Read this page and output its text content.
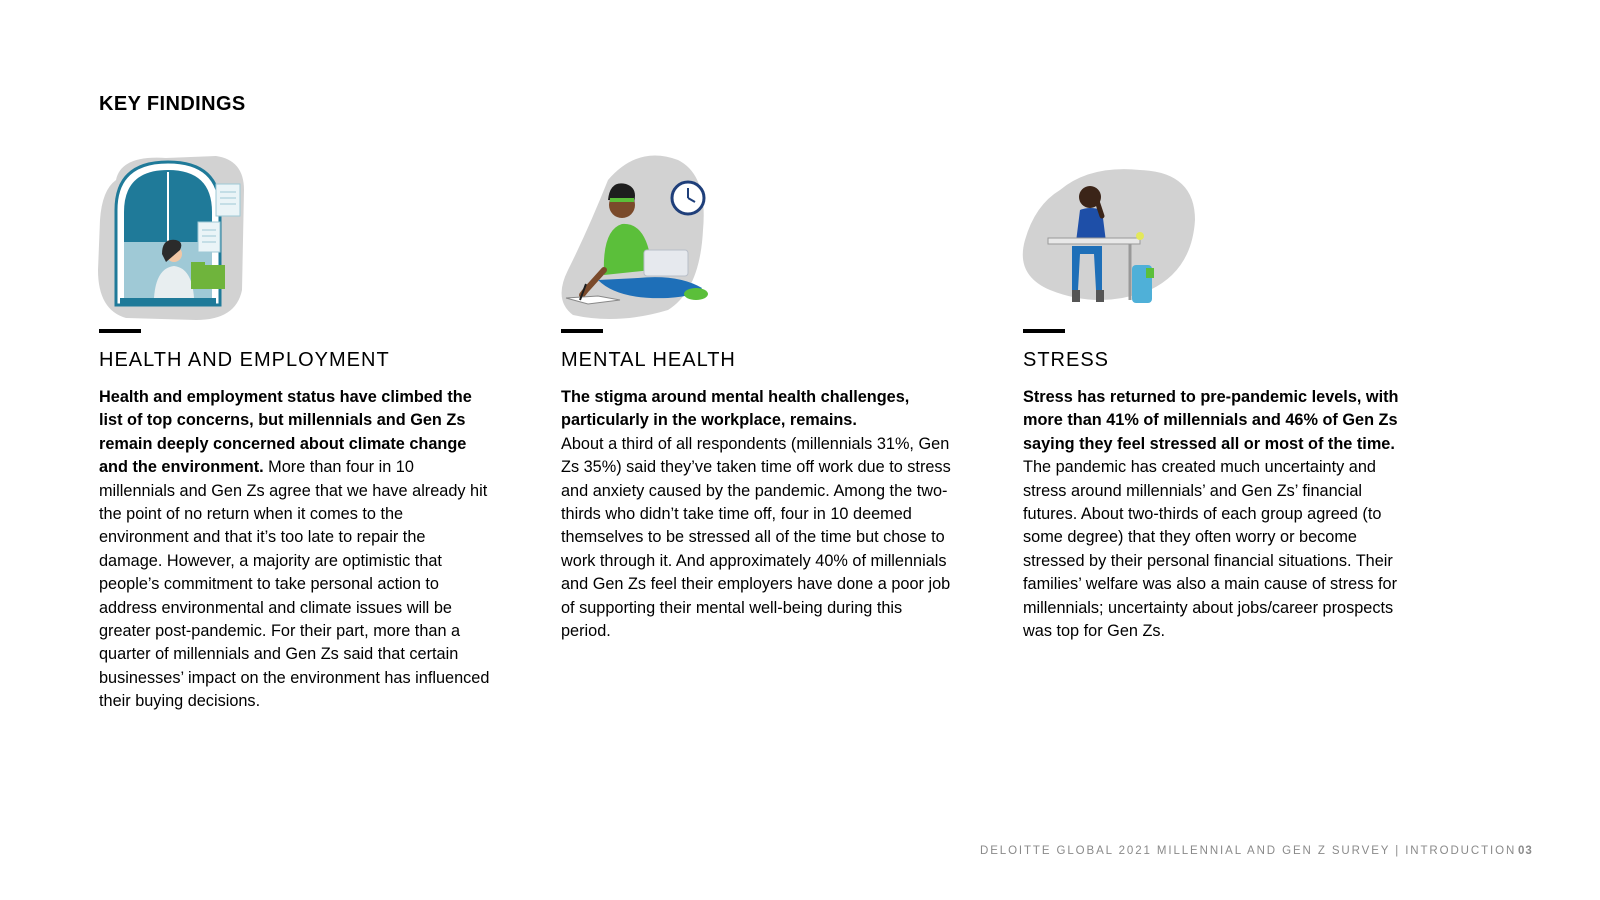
KEY FINDINGS
HEALTH AND EMPLOYMENT

Health and employment status have climbed the list of top concerns, but millennials and Gen Zs remain deeply concerned about climate change and the environment. More than four in 10 millennials and Gen Zs agree that we have already hit the point of no return when it comes to the environment and that it’s too late to repair the damage. However, a majority are optimistic that people’s commitment to take personal action to address environmental and climate issues will be greater post-pandemic. For their part, more than a quarter of millennials and Gen Zs said that certain businesses’ impact on the environment has influenced their buying decisions.

MENTAL HEALTH

The stigma around mental health challenges, particularly in the workplace, remains.
About a third of all respondents (millennials 31%, Gen Zs 35%) said they’ve taken time off work due to stress and anxiety caused by the pandemic. Among the two-thirds who didn’t take time off, four in 10 deemed themselves to be stressed all of the time but chose to work through it. And approximately 40% of millennials and Gen Zs feel their employers have done a poor job of supporting their mental well-being during this period.

STRESS

Stress has returned to pre-pandemic levels, with more than 41% of millennials and 46% of Gen Zs saying they feel stressed all or most of the time. The pandemic has created much uncertainty and stress around millennials’ and Gen Zs’ financial futures. About two-thirds of each group agreed (to some degree) that they often worry or become stressed by their personal financial situations. Their families’ welfare was also a main cause of stress for millennials; uncertainty about jobs/career prospects was top for Gen Zs.

DELOITTE GLOBAL 2021 MILLENNIAL AND GEN Z SURVEY | INTRODUCTION 03
